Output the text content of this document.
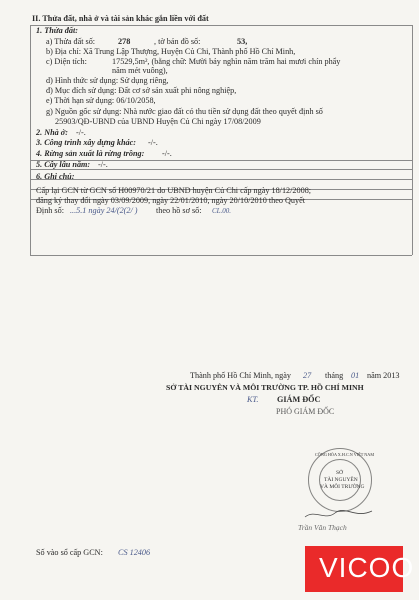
II. Thửa đất, nhà ở và tài sản khác gắn liền với đất
1. Thửa đất:
a) Thửa đất số:	278	, tờ bản đồ số:	53,
b) Địa chỉ: Xã Trung Lập Thượng, Huyện Củ Chi, Thành phố Hồ Chí Minh,
c) Diện tích:	17529,5m², (bằng chữ: Mười bảy nghìn năm trăm hai mươi chín phẩy
năm mét vuông),
d) Hình thức sử dụng: Sử dụng riêng,
đ) Mục đích sử dụng: Đất cơ sở sản xuất phi nông nghiệp,
e) Thời hạn sử dụng: 06/10/2058,
g) Nguồn gốc sử dụng: Nhà nước giao đất có thu tiền sử dụng đất theo quyết định số
25903/QĐ-UBND của UBND Huyện Củ Chi ngày 17/08/2009
2. Nhà ở: -/-.
3. Công trình xây dựng khác: -/-.
4. Rừng sản xuất là rừng trồng: -/-.
5. Cây lâu năm: -/-.
6. Ghi chú:
Cấp lại GCN từ GCN số H00970/21 do UBND huyện Củ Chi cấp ngày 18/12/2008;
đăng ký thay đổi ngày 03/09/2009, ngày 22/01/2010, ngày 20/10/2010 theo Quyết
Định số: ...5.1 ngày 24/(2(2/ ) theo hồ sơ số: CL.00.
Thành phố Hồ Chí Minh, ngày 27 tháng 01 năm 2013
SỞ TÀI NGUYÊN VÀ MÔI TRƯỜNG TP. HỒ CHÍ MINH
KT. GIÁM ĐỐC
PHÓ GIÁM ĐỐC
CỘNG HÒA X.H.C.N VIỆT NAM
SỞ
TÀI NGUYÊN
VÀ MÔI TRƯỜNG
Trần Văn Thạch
Số vào sổ cấp GCN: CS 12406	VICOO
